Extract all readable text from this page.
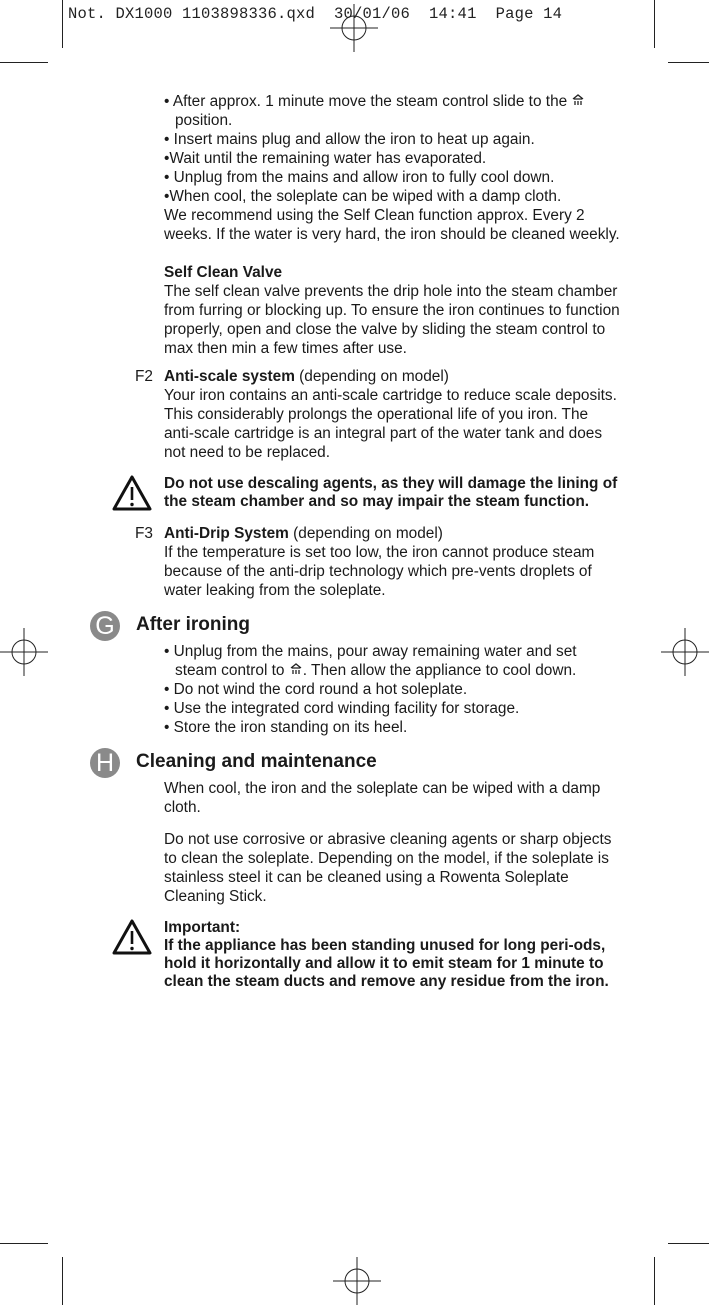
Not. DX1000 1103898336.qxd  30/01/06  14:41  Page 14

• After approx. 1 minute move the steam control slide to the  position.

• Insert mains plug and allow the iron to heat up again.

•Wait until the remaining water has evaporated.

• Unplug from the mains and allow iron to fully cool down.

•When cool, the soleplate can be wiped with a damp cloth.

We recommend using the Self Clean function approx. Every 2 weeks. If the water is very hard, the iron should be cleaned weekly.

Self Clean Valve

The self clean valve prevents the drip hole into the steam chamber from furring or blocking up. To ensure the iron continues to function properly, open and close the valve by sliding the steam control to max then min a few times after use.

F2 Anti-scale system (depending on model)

Your iron contains an anti-scale cartridge to reduce scale deposits. This considerably prolongs the operational life of you iron. The anti-scale cartridge is an integral part of the water tank and does not need to be replaced.

Do not use descaling agents, as they will damage the lining of the steam chamber and so may impair the steam function.

F3 Anti-Drip System (depending on model)

If the temperature is set too low, the iron cannot produce steam because of the anti-drip technology which pre-vents droplets of water leaking from the soleplate.

G After ironing

• Unplug from the mains, pour away remaining water and set steam control to . Then allow the appliance to cool down.

• Do not wind the cord round a hot soleplate.

• Use the integrated cord winding facility for storage.

• Store the iron standing on its heel.

H	Cleaning and maintenance

When cool, the iron and the soleplate can be wiped with a damp cloth.

Do not use corrosive or abrasive cleaning agents or sharp objects to clean the soleplate. Depending on the model, if the soleplate is stainless steel it can be cleaned using a Rowenta Soleplate Cleaning Stick.

Important:

If the appliance has been standing unused for long peri-ods, hold it horizontally and allow it to emit steam for 1 minute to clean the steam ducts and remove any residue from the iron.
